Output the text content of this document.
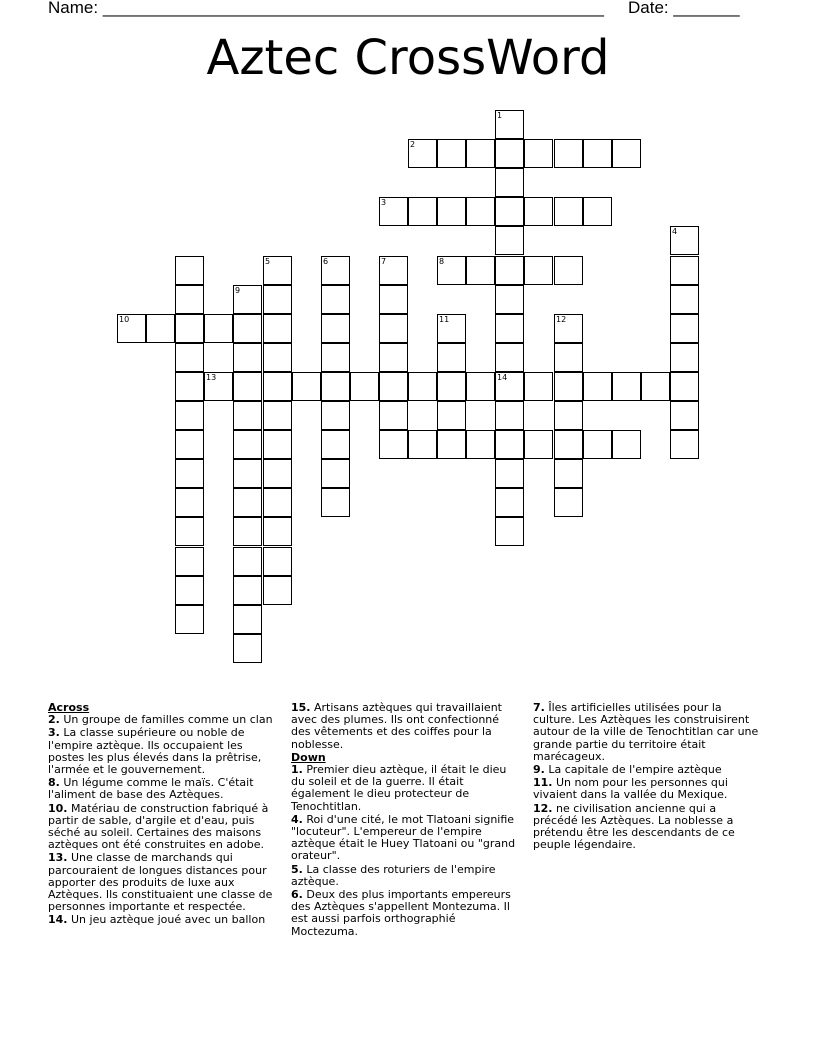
Name: _____________________________________________________ Date: _______
Aztec CrossWord
1
14
2
3
4
5	6	7	8
9
10	11	12
13
Across
2. Un groupe de familles comme un clan
3. La classe supérieure ou noble de l'empire aztèque. Ils occupaient les postes les plus élevés dans la prêtrise, l'armée et le gouvernement.
8. Un légume comme le maïs. C'était l'aliment de base des Aztèques.
10. Matériau de construction fabriqué à partir de sable, d'argile et d'eau, puis séché au soleil. Certaines des maisons aztèques ont été construites en adobe.
13. Une classe de marchands qui parcouraient de longues distances pour apporter des produits de luxe aux Aztèques. Ils constituaient une classe de personnes importante et respectée.
14. Un jeu aztèque joué avec un ballon
15. Artisans aztèques qui travaillaient avec des plumes. Ils ont confectionné des vêtements et des coiffes pour la noblesse.
Down
1. Premier dieu aztèque, il était le dieu du soleil et de la guerre. Il était également le dieu protecteur de Tenochtitlan.
4. Roi d'une cité, le mot Tlatoani signifie "locuteur". L'empereur de l'empire aztèque était le Huey Tlatoani ou "grand orateur".
5. La classe des roturiers de l'empire aztèque.
6. Deux des plus importants empereurs des Aztèques s'appellent Montezuma. Il est aussi parfois orthographié Moctezuma.
7. Îles artificielles utilisées pour la culture. Les Aztèques les construisirent autour de la ville de Tenochtitlan car une grande partie du territoire était marécageux.
9. La capitale de l'empire aztèque
11. Un nom pour les personnes qui vivaient dans la vallée du Mexique.
12. ne civilisation ancienne qui a précédé les Aztèques. La noblesse a prétendu être les descendants de ce peuple légendaire.
